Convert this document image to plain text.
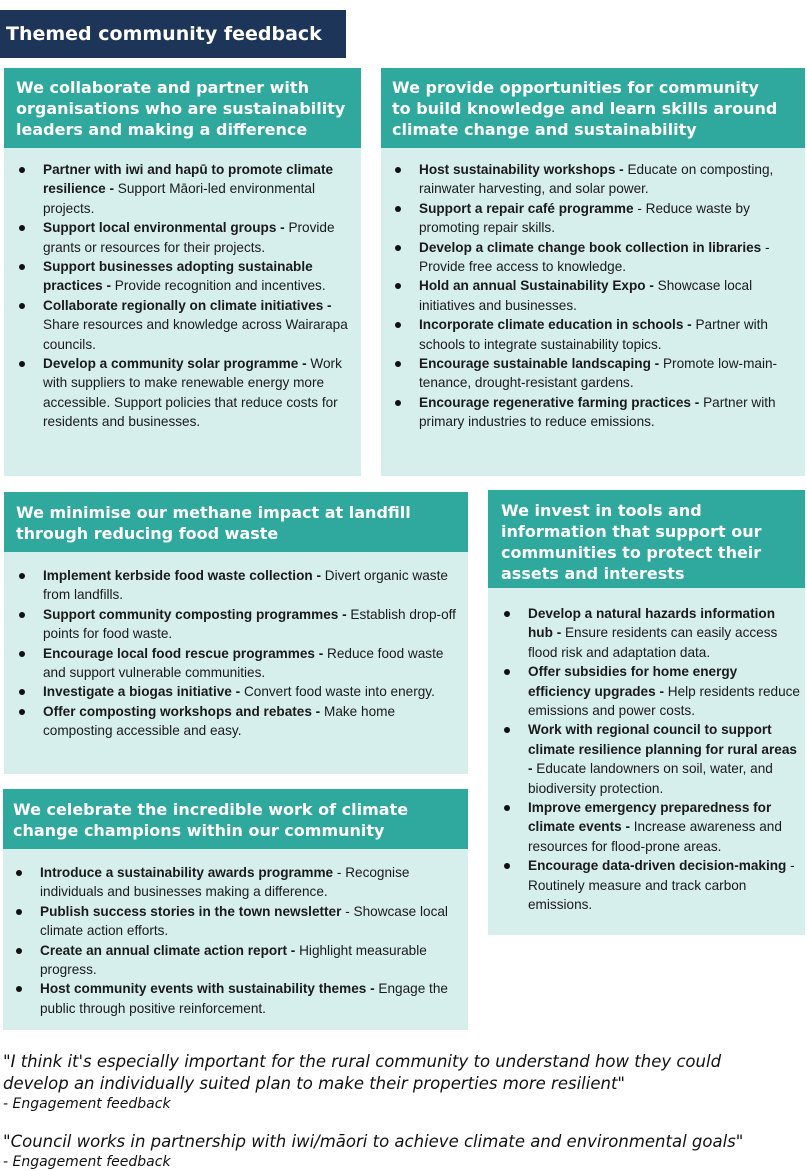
Themed community feedback
We collaborate and partner with
organisations who are sustainability
leaders and making a difference
Partner with iwi and hapū to promote climate resilience - Support Māori-led environmental projects.
Support local environmental groups - Provide grants or resources for their projects.
Support businesses adopting sustainable practices - Provide recognition and incentives.
Collaborate regionally on climate initiatives - Share resources and knowledge across Wairarapa councils.
Develop a community solar programme - Work with suppliers to make renewable energy more accessible. Support policies that reduce costs for residents and businesses.
We provide opportunities for community
to build knowledge and learn skills around
climate change and sustainability
Host sustainability workshops - Educate on composting, rainwater harvesting, and solar power.
Support a repair café programme - Reduce waste by promoting repair skills.
Develop a climate change book collection in libraries - Provide free access to knowledge.
Hold an annual Sustainability Expo - Showcase local initiatives and businesses.
Incorporate climate education in schools - Partner with schools to integrate sustainability topics.
Encourage sustainable landscaping - Promote low-main-tenance, drought-resistant gardens.
Encourage regenerative farming practices - Partner with primary industries to reduce emissions.
We minimise our methane impact at landfill
through reducing food waste
Implement kerbside food waste collection - Divert organic waste from landfills.
Support community composting programmes - Establish drop-off points for food waste.
Encourage local food rescue programmes - Reduce food waste and support vulnerable communities.
Investigate a biogas initiative - Convert food waste into energy.
Offer composting workshops and rebates - Make home composting accessible and easy.
We invest in tools and
information that support our
communities to protect their
assets and interests
Develop a natural hazards information hub - Ensure residents can easily access flood risk and adaptation data.
Offer subsidies for home energy efficiency upgrades - Help residents reduce emissions and power costs.
Work with regional council to support climate resilience planning for rural areas - Educate landowners on soil, water, and biodiversity protection.
Improve emergency preparedness for climate events - Increase awareness and resources for flood-prone areas.
Encourage data-driven decision-making - Routinely measure and track carbon emissions.
We celebrate the incredible work of climate
change champions within our community
Introduce a sustainability awards programme - Recognise individuals and businesses making a difference.
Publish success stories in the town newsletter - Showcase local climate action efforts.
Create an annual climate action report - Highlight measurable progress.
Host community events with sustainability themes - Engage the public through positive reinforcement.
"I think it's especially important for the rural community to understand how they could
develop an individually suited plan to make their properties more resilient"
- Engagement feedback
"Council works in partnership with iwi/māori to achieve climate and environmental goals"
- Engagement feedback
